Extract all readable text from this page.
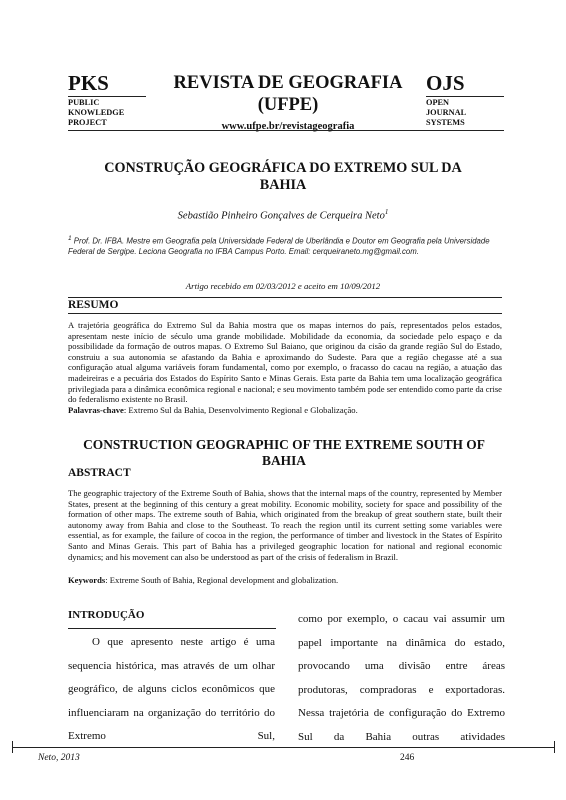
PKS
PUBLIC
KNOWLEDGE
PROJECT
REVISTA DE GEOGRAFIA
(UFPE)
www.ufpe.br/revistageografia
OJS
OPEN
JOURNAL
SYSTEMS
CONSTRUÇÃO GEOGRÁFICA DO EXTREMO SUL DA
BAHIA
Sebastião Pinheiro Gonçalves de Cerqueira Neto$^1$
$^1$ Prof. Dr. IFBA. Mestre em Geografia pela Universidade Federal de Uberlândia e Doutor em Geografia pela Universidade Federal de Sergipe. Leciona Geografia no IFBA Campus Porto. Email: cerqueiraneto.mg@gmail.com.
Artigo recebido em 02/03/2012 e aceito em 10/09/2012
RESUMO
A trajetória geográfica do Extremo Sul da Bahia mostra que os mapas internos do país, representados pelos estados, apresentam neste início de século uma grande mobilidade. Mobilidade da economia, da sociedade pelo espaço e da possibilidade da formação de outros mapas. O Extremo Sul Baiano, que originou da cisão da grande região Sul do Estado, construiu a sua autonomia se afastando da Bahia e aproximando do Sudeste. Para que a região chegasse até a sua configuração atual alguma variáveis foram fundamental, como por exemplo, o fracasso do cacau na região, a atuação das madeireiras e a pecuária dos Estados do Espírito Santo e Minas Gerais. Esta parte da Bahia tem uma localização geográfica privilegiada para a dinâmica econômica regional e nacional; e seu movimento também pode ser entendido como parte da crise do federalismo existente no Brasil.
Palavras-chave: Extremo Sul da Bahia, Desenvolvimento Regional e Globalização.
CONSTRUCTION GEOGRAPHIC OF THE EXTREME SOUTH OF
BAHIA
ABSTRACT
The geographic trajectory of the Extreme South of Bahia, shows that the internal maps of the country, represented by Member States, present at the beginning of this century a great mobility. Economic mobility, society for space and possibility of the formation of other maps. The extreme south of Bahia, which originated from the breakup of great southern state, built their autonomy away from Bahia and close to the Southeast. To reach the region until its current setting some variables were essential, as for example, the failure of cocoa in the region, the performance of timber and livestock in the States of Espírito Santo and Minas Gerais. This part of Bahia has a privileged geographic location for national and regional economic dynamics; and his movement can also be understood as part of the crisis of federalism in Brazil.
Keywords: Extreme South of Bahia, Regional development and globalization.
INTRODUÇÃO

O que apresento neste artigo é uma sequencia histórica, mas através de um olhar geográfico, de alguns ciclos econômicos que influenciaram na organização do território do Extremo Sul,

como por exemplo, o cacau vai assumir um papel importante na dinâmica do estado, provocando uma divisão entre áreas produtoras, compradoras e exportadoras. Nessa trajetória de configuração do Extremo Sul da Bahia outras atividades

Neto, 2013	246
